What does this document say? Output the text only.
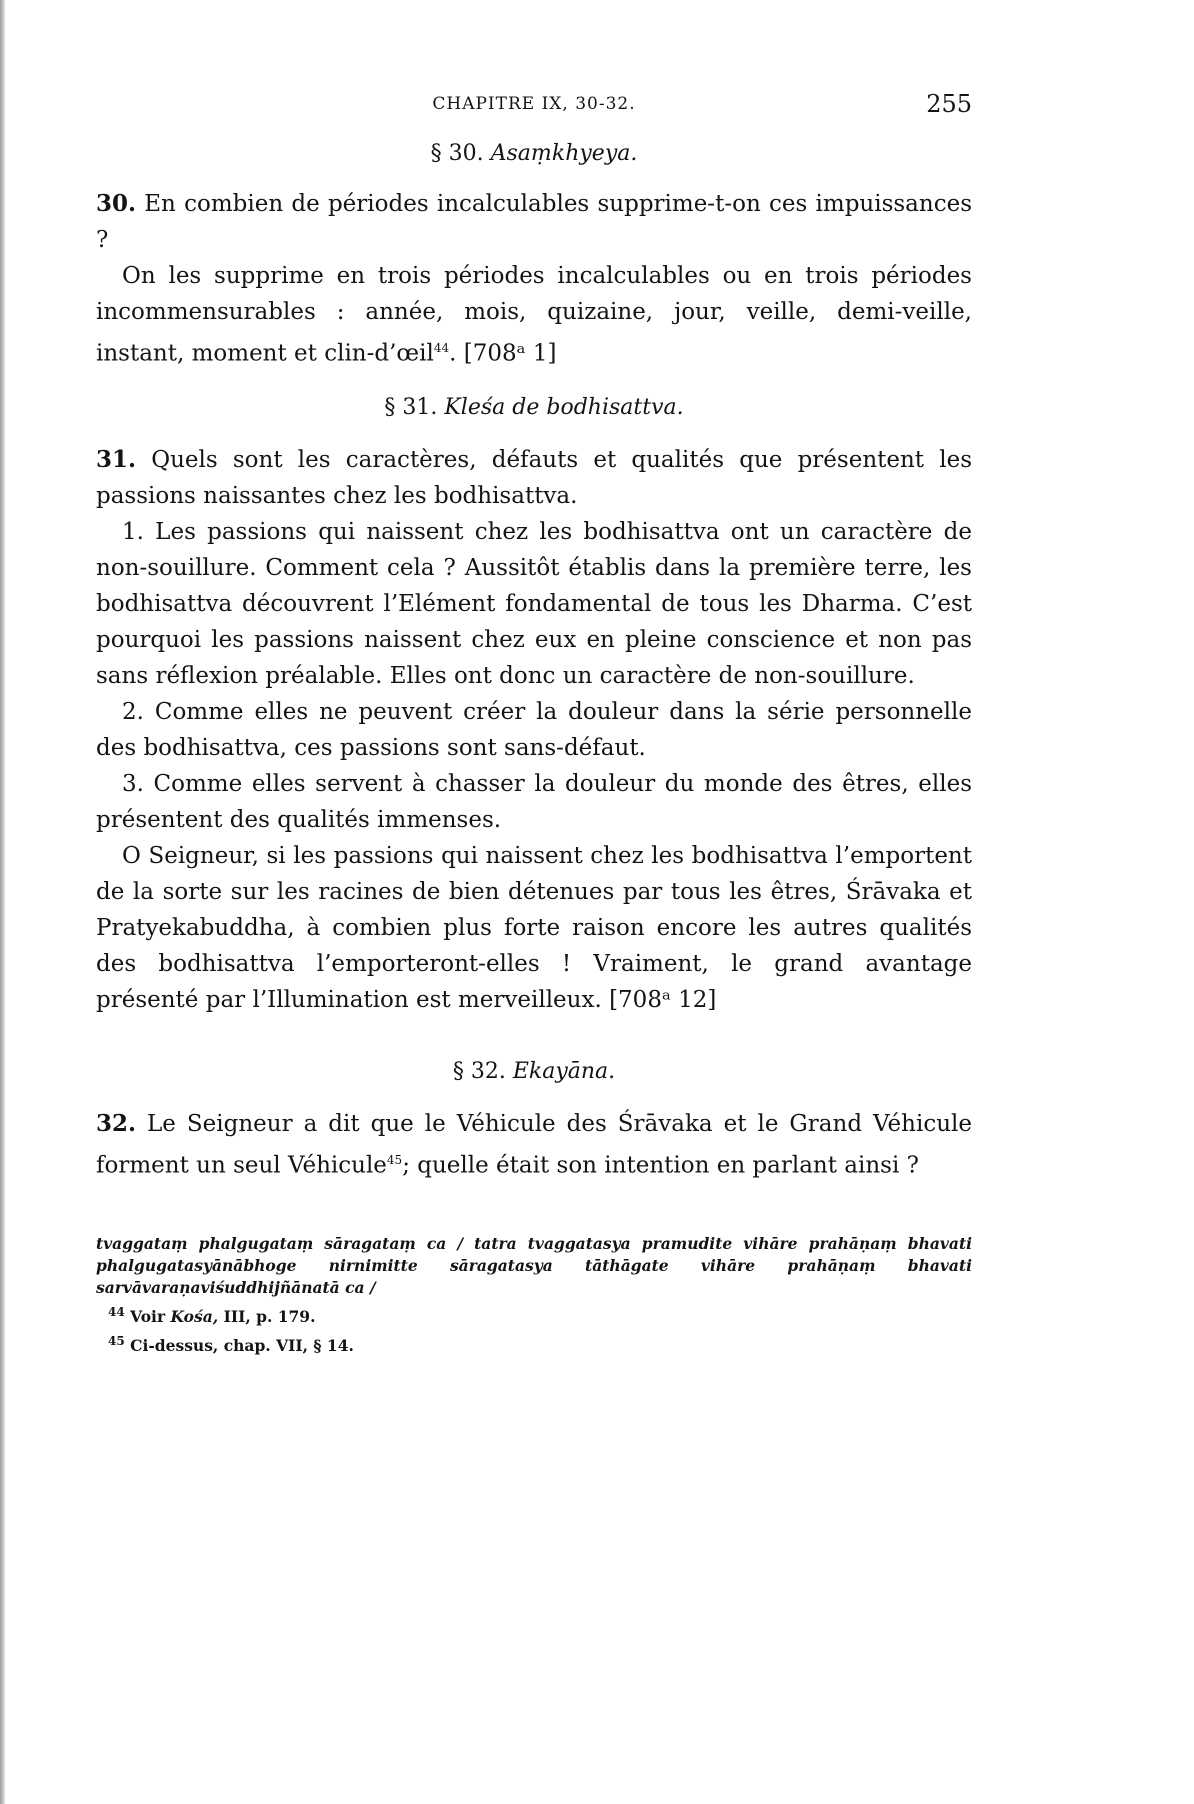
CHAPITRE IX, 30-32.	255
§ 30. Asaṃkhyeya.

30. En combien de périodes incalculables supprime-t-on ces impuissances ?

On les supprime en trois périodes incalculables ou en trois périodes incommensurables : année, mois, quizaine, jour, veille, demi-veille, instant, moment et clin-d’œil$^{44}$. [708ᵃ 1]

§ 31. Kleśa de bodhisattva.

31. Quels sont les caractères, défauts et qualités que présentent les passions naissantes chez les bodhisattva.

1. Les passions qui naissent chez les bodhisattva ont un caractère de non-souillure. Comment cela ? Aussitôt établis dans la première terre, les bodhisattva découvrent l’Elément fondamental de tous les Dharma. C’est pourquoi les passions naissent chez eux en pleine conscience et non pas sans réflexion préalable. Elles ont donc un caractère de non-souillure.

2. Comme elles ne peuvent créer la douleur dans la série personnelle des bodhisattva, ces passions sont sans-défaut.

3. Comme elles servent à chasser la douleur du monde des êtres, elles présentent des qualités immenses.

O Seigneur, si les passions qui naissent chez les bodhisattva l’emportent de la sorte sur les racines de bien détenues par tous les êtres, Śrāvaka et Pratyekabuddha, à combien plus forte raison encore les autres qualités des bodhisattva l’emporteront-elles ! Vraiment, le grand avantage présenté par l’Illumination est merveilleux. [708ᵃ 12]

§ 32. Ekayāna.

32. Le Seigneur a dit que le Véhicule des Śrāvaka et le Grand Véhicule forment un seul Véhicule$^{45}$; quelle était son intention en parlant ainsi ?

tvaggataṃ phalgugataṃ sāragataṃ ca / tatra tvaggatasya pramudite vihāre prahāṇaṃ bhavati phalgugatasyānābhoge nirnimitte sāragatasya tāthāgate vihāre prahāṇaṃ bhavati sarvāvaraṇaviśuddhijñānatā ca /
$^{44}$ Voir Kośa, III, p. 179.
$^{45}$ Ci-dessus, chap. VII, § 14.
